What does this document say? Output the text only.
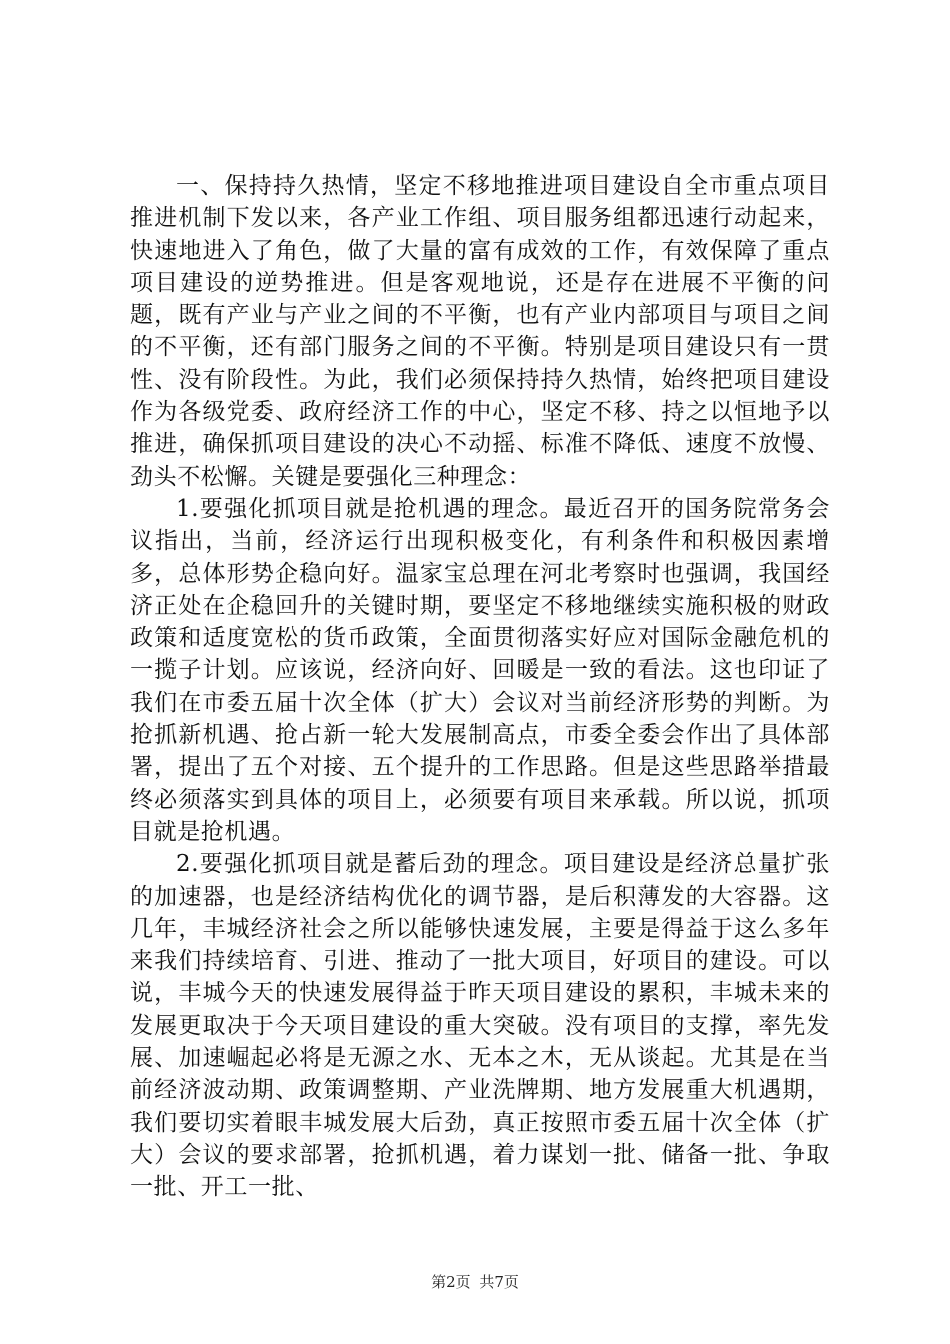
一、保持持久热情，坚定不移地推进项目建设自全市重点项目推进机制下发以来，各产业工作组、项目服务组都迅速行动起来，快速地进入了角色，做了大量的富有成效的工作，有效保障了重点项目建设的逆势推进。但是客观地说，还是存在进展不平衡的问题，既有产业与产业之间的不平衡，也有产业内部项目与项目之间的不平衡，还有部门服务之间的不平衡。特别是项目建设只有一贯性、没有阶段性。为此，我们必须保持持久热情，始终把项目建设作为各级党委、政府经济工作的中心，坚定不移、持之以恒地予以推进，确保抓项目建设的决心不动摇、标准不降低、速度不放慢、劲头不松懈。关键是要强化三种理念：

1.要强化抓项目就是抢机遇的理念。最近召开的国务院常务会议指出，当前，经济运行出现积极变化，有利条件和积极因素增多，总体形势企稳向好。温家宝总理在河北考察时也强调，我国经济正处在企稳回升的关键时期，要坚定不移地继续实施积极的财政政策和适度宽松的货币政策，全面贯彻落实好应对国际金融危机的一揽子计划。应该说，经济向好、回暖是一致的看法。这也印证了我们在市委五届十次全体（扩大）会议对当前经济形势的判断。为抢抓新机遇、抢占新一轮大发展制高点，市委全委会作出了具体部署，提出了五个对接、五个提升的工作思路。但是这些思路举措最终必须落实到具体的项目上，必须要有项目来承载。所以说，抓项目就是抢机遇。

2.要强化抓项目就是蓄后劲的理念。项目建设是经济总量扩张的加速器，也是经济结构优化的调节器，是后积薄发的大容器。这几年，丰城经济社会之所以能够快速发展，主要是得益于这么多年来我们持续培育、引进、推动了一批大项目，好项目的建设。可以说，丰城今天的快速发展得益于昨天项目建设的累积，丰城未来的发展更取决于今天项目建设的重大突破。没有项目的支撑，率先发展、加速崛起必将是无源之水、无本之木，无从谈起。尤其是在当前经济波动期、政策调整期、产业洗牌期、地方发展重大机遇期，我们要切实着眼丰城发展大后劲，真正按照市委五届十次全体（扩大）会议的要求部署，抢抓机遇，着力谋划一批、储备一批、争取一批、开工一批、

第2页 共7页
